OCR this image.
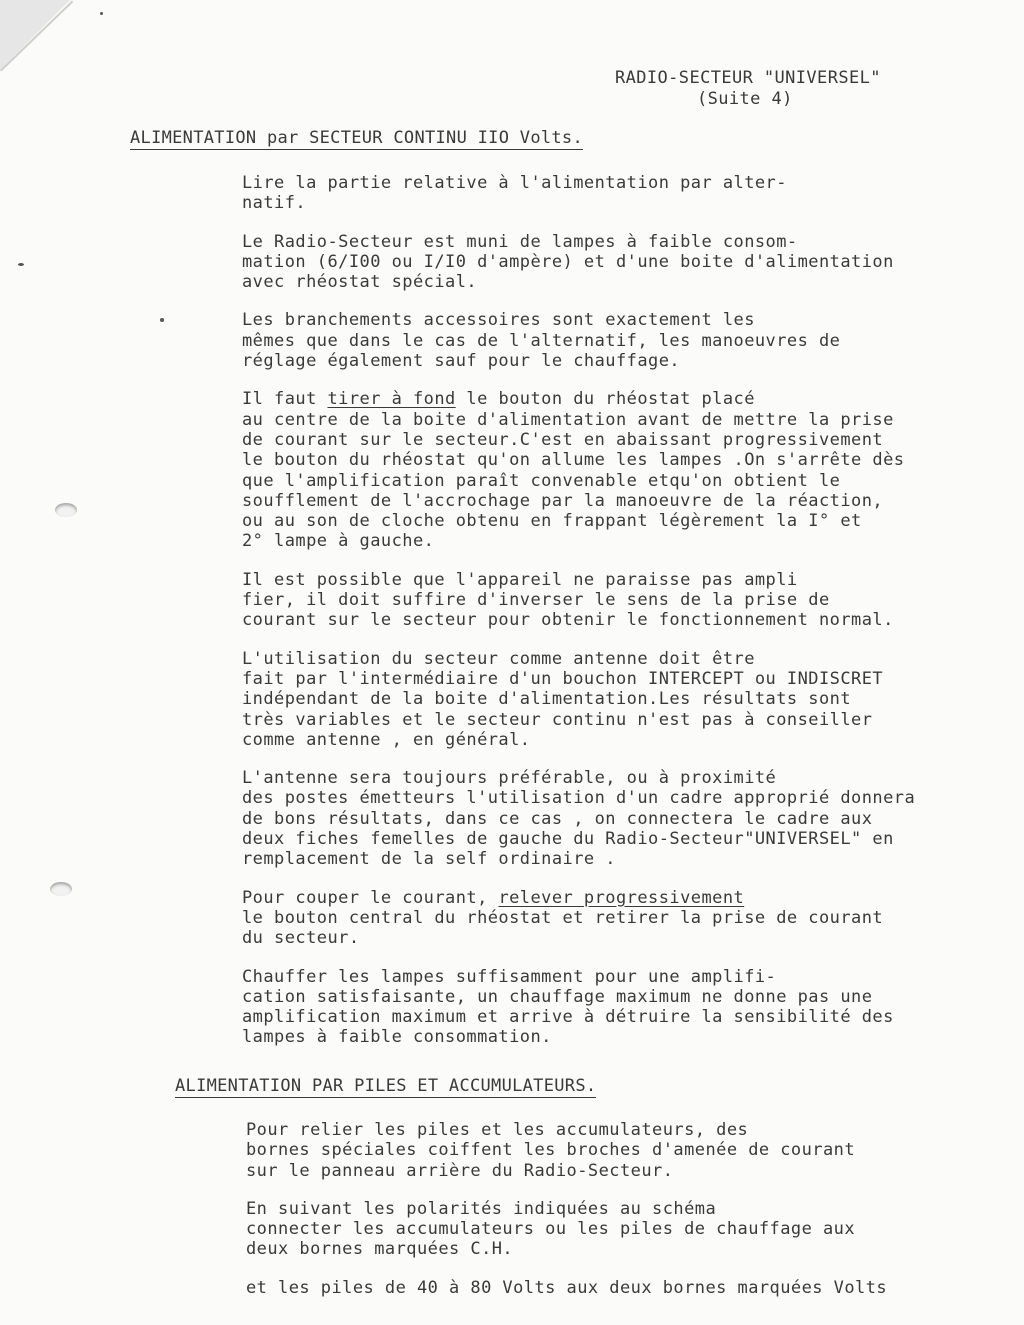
RADIO-SECTEUR "UNIVERSEL"
(Suite 4)
ALIMENTATION par SECTEUR CONTINU IIO Volts.

Lire la partie relative à l'alimentation par alter-
natif.

Le Radio-Secteur est muni de lampes à faible consom-
mation (6/I00 ou I/I0 d'ampère) et d'une boite d'alimentation
avec rhéostat spécial.

Les branchements accessoires sont exactement les
mêmes que dans le cas de l'alternatif, les manoeuvres de
réglage également sauf pour le chauffage.

Il faut tirer à fond le bouton du rhéostat placé
au centre de la boite d'alimentation avant de mettre la prise
de courant sur le secteur.C'est en abaissant progressivement
le bouton du rhéostat qu'on allume les lampes .On s'arrête dès
que l'amplification paraît convenable etqu'on obtient le
soufflement de l'accrochage par la manoeuvre de la réaction,
ou au son de cloche obtenu en frappant légèrement la I° et
2° lampe à gauche.

Il est possible que l'appareil ne paraisse pas ampli
fier, il doit suffire d'inverser le sens de la prise de
courant sur le secteur pour obtenir le fonctionnement normal.

L'utilisation du secteur comme antenne doit être
fait par l'intermédiaire d'un bouchon INTERCEPT ou INDISCRET
indépendant de la boite d'alimentation.Les résultats sont
très variables et le secteur continu n'est pas à conseiller
comme antenne , en général.

L'antenne sera toujours préférable, ou à proximité
des postes émetteurs l'utilisation d'un cadre approprié donnera
de bons résultats, dans ce cas , on connectera le cadre aux
deux fiches femelles de gauche du Radio-Secteur"UNIVERSEL" en
remplacement de la self ordinaire .

Pour couper le courant, relever progressivement
le bouton central du rhéostat et retirer la prise de courant
du secteur.

Chauffer les lampes suffisamment pour une amplifi-
cation satisfaisante, un chauffage maximum ne donne pas une
amplification maximum et arrive à détruire la sensibilité des
lampes à faible consommation.

ALIMENTATION PAR PILES ET ACCUMULATEURS.

Pour relier les piles et les accumulateurs, des
bornes spéciales coiffent les broches d'amenée de courant
sur le panneau arrière du Radio-Secteur.

En suivant les polarités indiquées au schéma
connecter les accumulateurs ou les piles de chauffage aux
deux bornes marquées C.H.

et les piles de 40 à 80 Volts aux deux bornes marquées Volts
